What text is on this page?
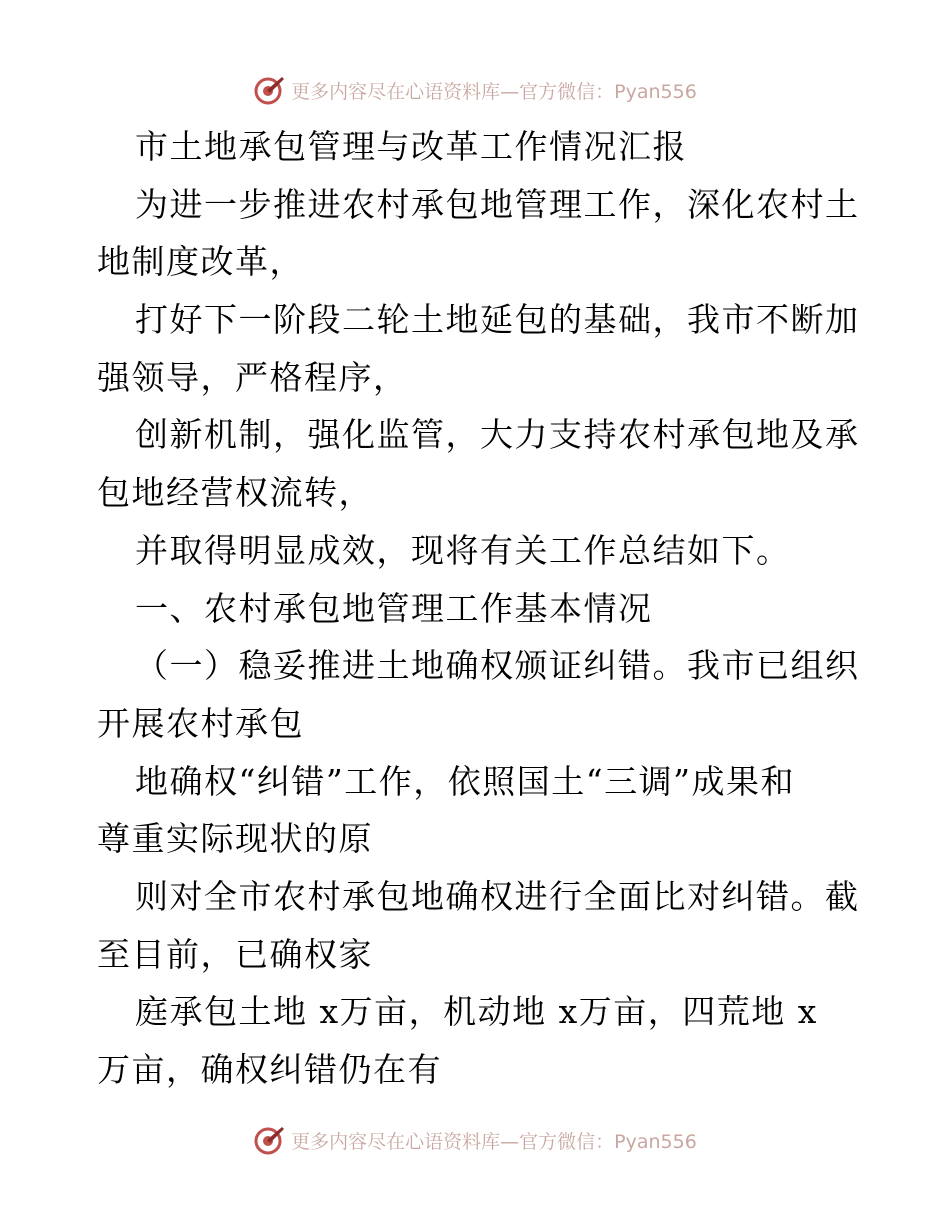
更多内容尽在心语资料库—官方微信：Pyan556
市土地承包管理与改革工作情况汇报
为进一步推进农村承包地管理工作，深化农村土
地制度改革，
打好下一阶段二轮土地延包的基础，我市不断加
强领导，严格程序，
创新机制，强化监管，大力支持农村承包地及承
包地经营权流转，
并取得明显成效，现将有关工作总结如下。
一、农村承包地管理工作基本情况
（一）稳妥推进土地确权颁证纠错。我市已组织
开展农村承包
地确权“纠错”工作，依照国土“三调”成果和
尊重实际现状的原
则对全市农村承包地确权进行全面比对纠错。截
至目前，已确权家
庭承包土地 x万亩，机动地 x万亩，四荒地 x
万亩，确权纠错仍在有
更多内容尽在心语资料库—官方微信：Pyan556
